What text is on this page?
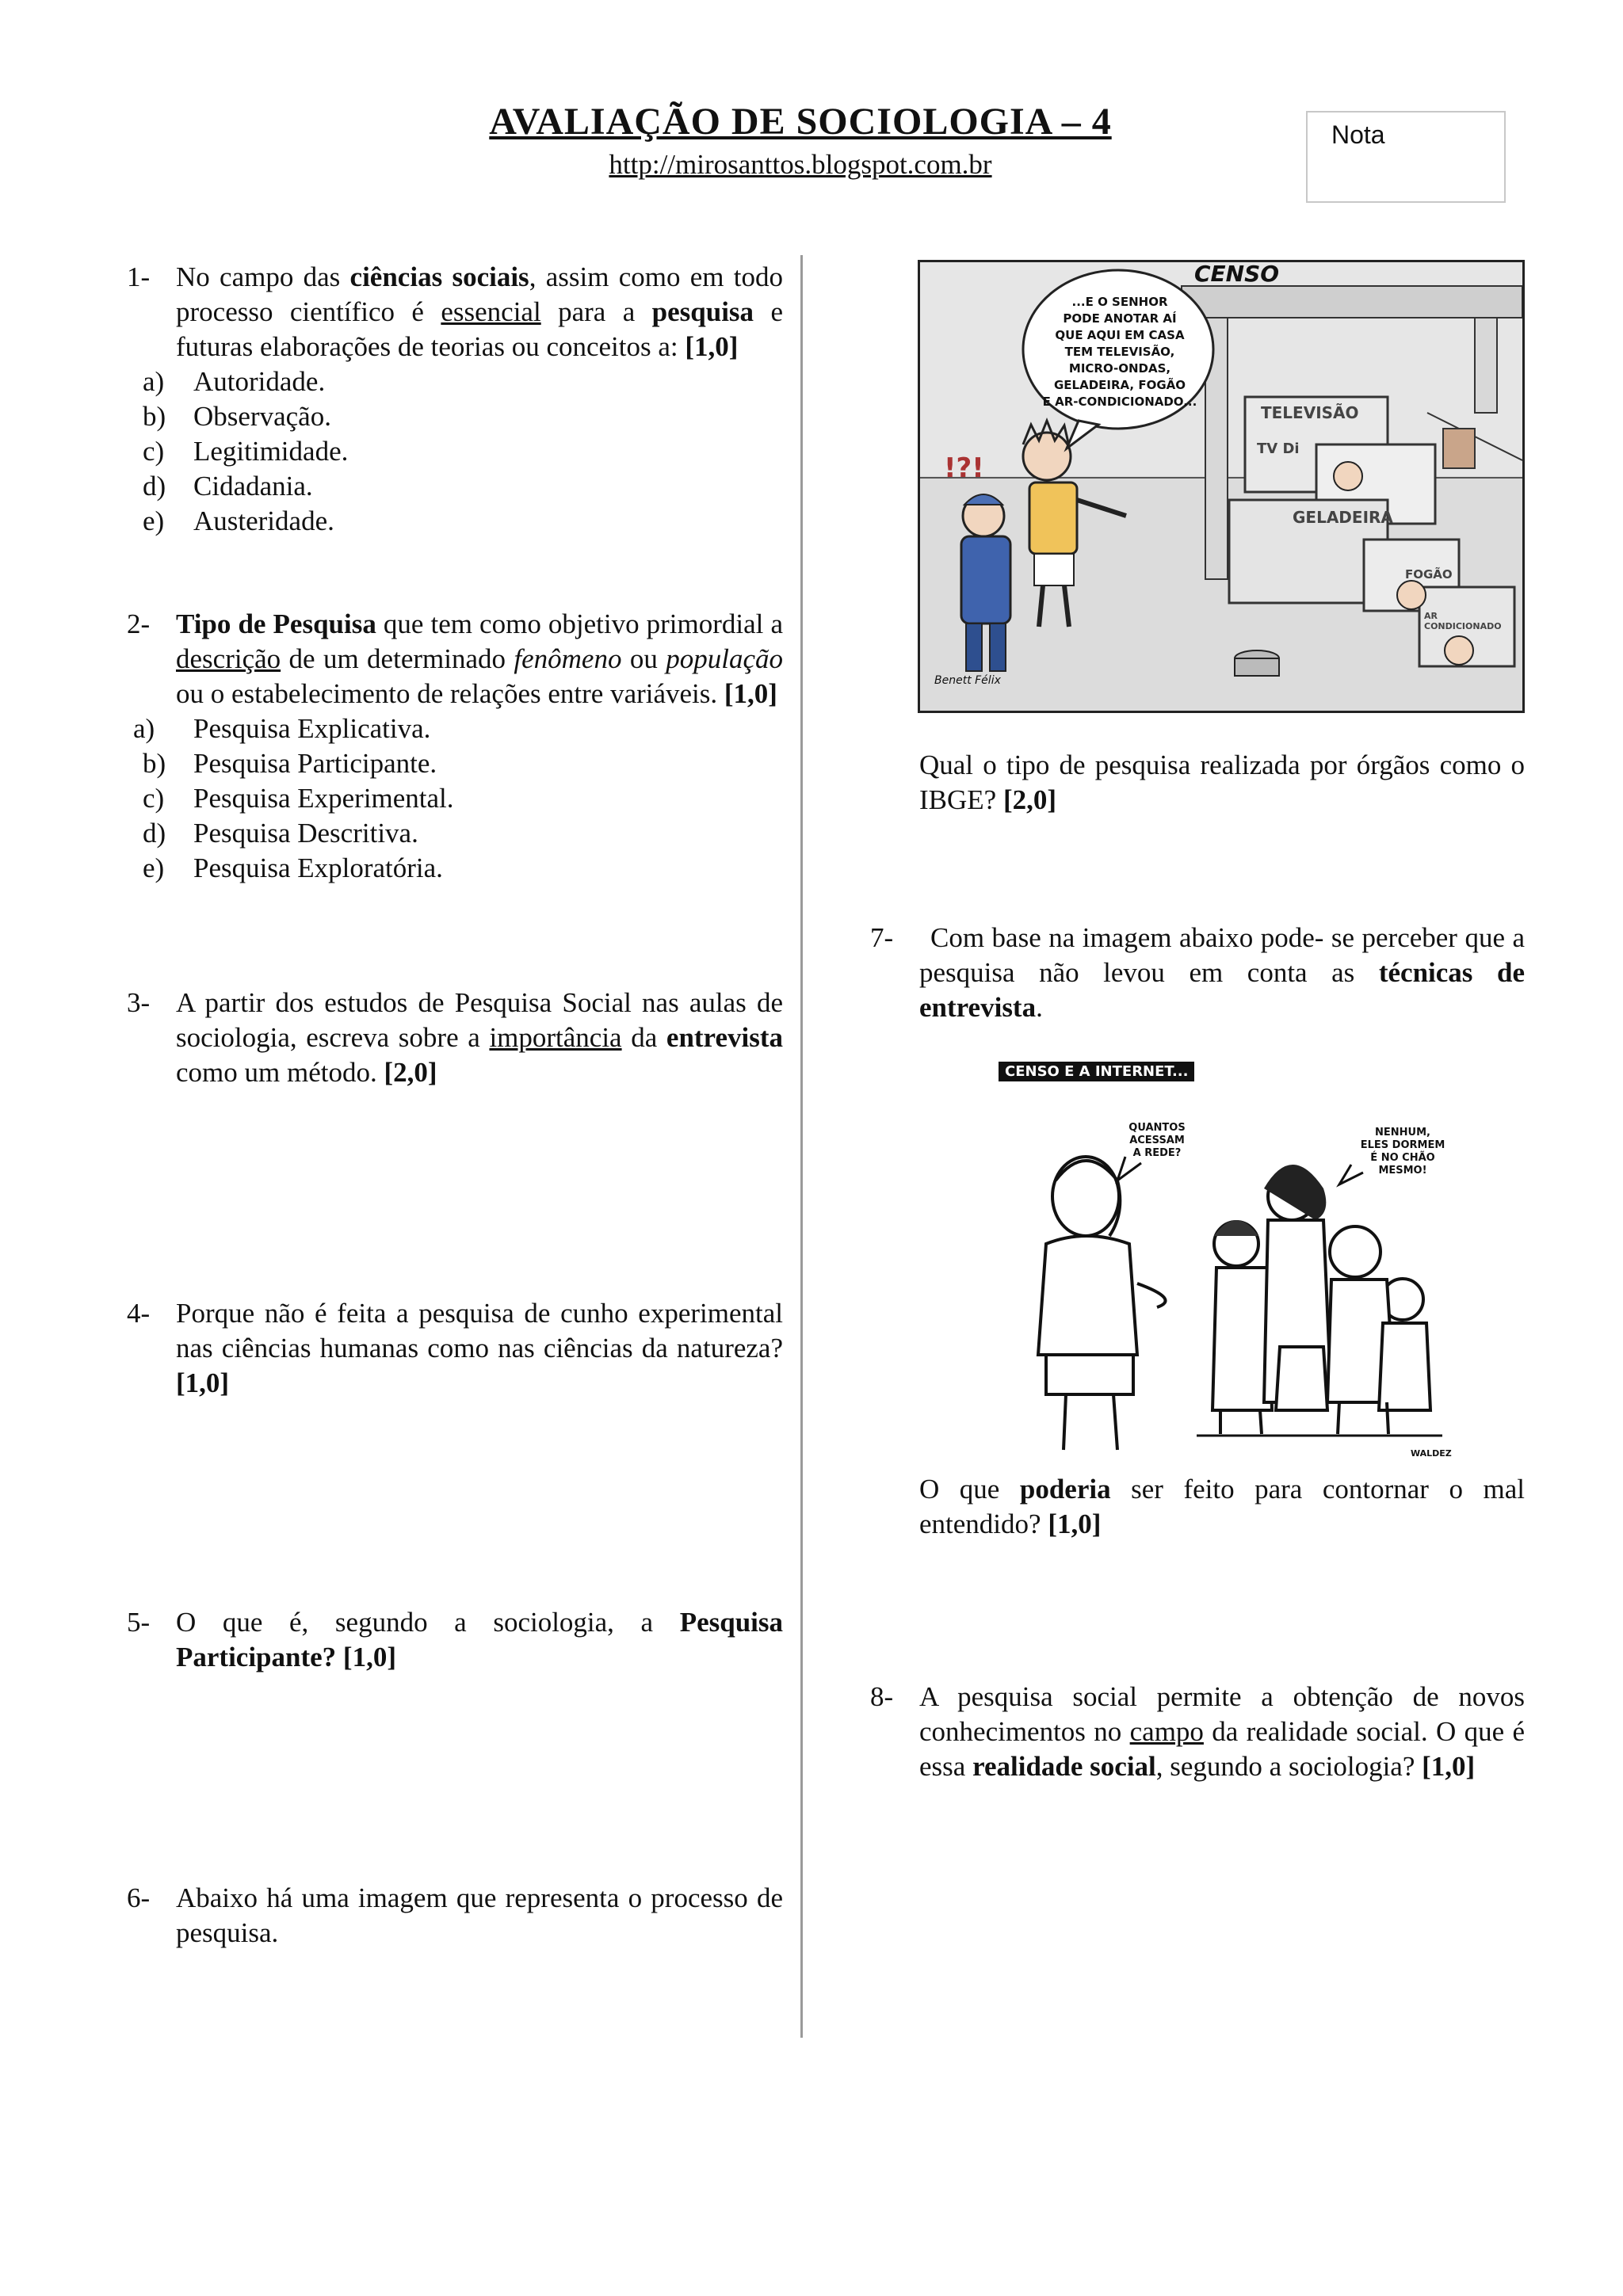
AVALIAÇÃO DE SOCIOLOGIA – 4
http://mirosanttos.blogspot.com.br
Nota
1- No campo das ciências sociais, assim como em todo processo científico é essencial para a pesquisa e futuras elaborações de teorias ou conceitos a: [1,0]
a) Autoridade.
b) Observação.
c) Legitimidade.
d) Cidadania.
e) Austeridade.
2- Tipo de Pesquisa que tem como objetivo primordial a descrição de um determinado fenômeno ou população ou o estabelecimento de relações entre variáveis. [1,0]
a) Pesquisa Explicativa.
b) Pesquisa Participante.
c) Pesquisa Experimental.
d) Pesquisa Descritiva.
e) Pesquisa Exploratória.
3- A partir dos estudos de Pesquisa Social nas aulas de sociologia, escreva sobre a importância da entrevista como um método. [2,0]
4- Porque não é feita a pesquisa de cunho experimental nas ciências humanas como nas ciências da natureza? [1,0]
5- O que é, segundo a sociologia, a Pesquisa Participante? [1,0]
6- Abaixo há uma imagem que representa o processo de pesquisa.
CENSO
...E O SENHOR
PODE ANOTAR AÍ
QUE AQUI EM CASA
TEM TELEVISÃO,
MICRO-ONDAS,
GELADEIRA, FOGÃO
E AR-CONDICIONADO...
!?!
TELEVISÃO
TV Di
GELADEIRA
FOGÃO
AR CONDICIONADO
Benett Félix
Qual o tipo de pesquisa realizada por órgãos como o IBGE? [2,0]
7-	Com base na imagem abaixo pode- se perceber que a pesquisa não levou em conta as técnicas de entrevista.
CENSO E A INTERNET...
QUANTOS
ACESSAM
A REDE?
NENHUM,
ELES DORMEM
É NO CHÃO
MESMO!
WALDEZ
O que poderia ser feito para contornar o mal entendido? [1,0]
8- A pesquisa social permite a obtenção de novos conhecimentos no campo da realidade social. O que é essa realidade social, segundo a sociologia? [1,0]
